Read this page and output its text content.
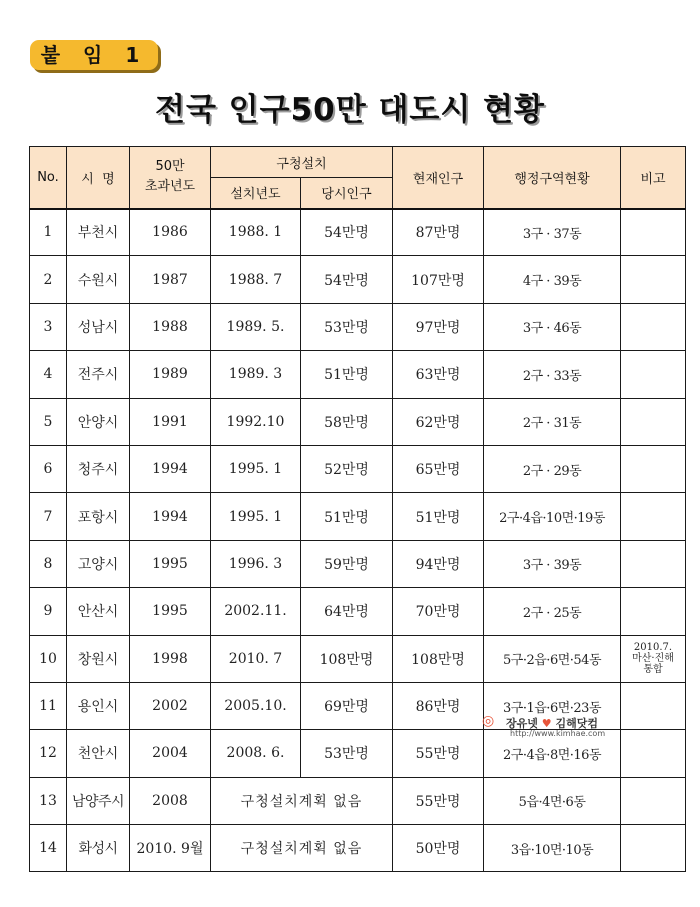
붙 임 1
전국 인구50만 대도시 현황
No.	시  명	50만
초과년도	구청설치		현재인구	행정구역현황	비고
			설치년도	당시인구			
1	부천시	1986	1988. 1	54만명	87만명	3구 · 37동	
2	수원시	1987	1988. 7	54만명	107만명	4구 · 39동	
3	성남시	1988	1989. 5.	53만명	97만명	3구 · 46동	
4	전주시	1989	1989. 3	51만명	63만명	2구 · 33동	
5	안양시	1991	1992.10	58만명	62만명	2구 · 31동	
6	청주시	1994	1995. 1	52만명	65만명	2구 · 29동	
7	포항시	1994	1995. 1	51만명	51만명	2구·4읍·10면·19동	
8	고양시	1995	1996. 3	59만명	94만명	3구 · 39동	
9	안산시	1995	2002.11.	64만명	70만명	2구 · 25동	
10	창원시	1998	2010. 7	108만명	108만명	5구·2읍·6면·54동	2010.7.
마산·진해
통합
11	용인시	2002	2005.10.	69만명	86만명	3구·1읍·6면·23동	
12	천안시	2004	2008. 6.	53만명	55만명	2구·4읍·8면·16동	
13	남양주시	2008	구청설치계획 없음		55만명	5읍·4면·6동	
14	화성시	2010. 9월	구청설치계획 없음		50만명	3읍·10면·10동	
◎ 장유넷 ♥ 김해닷컴
http://www.kimhae.com
